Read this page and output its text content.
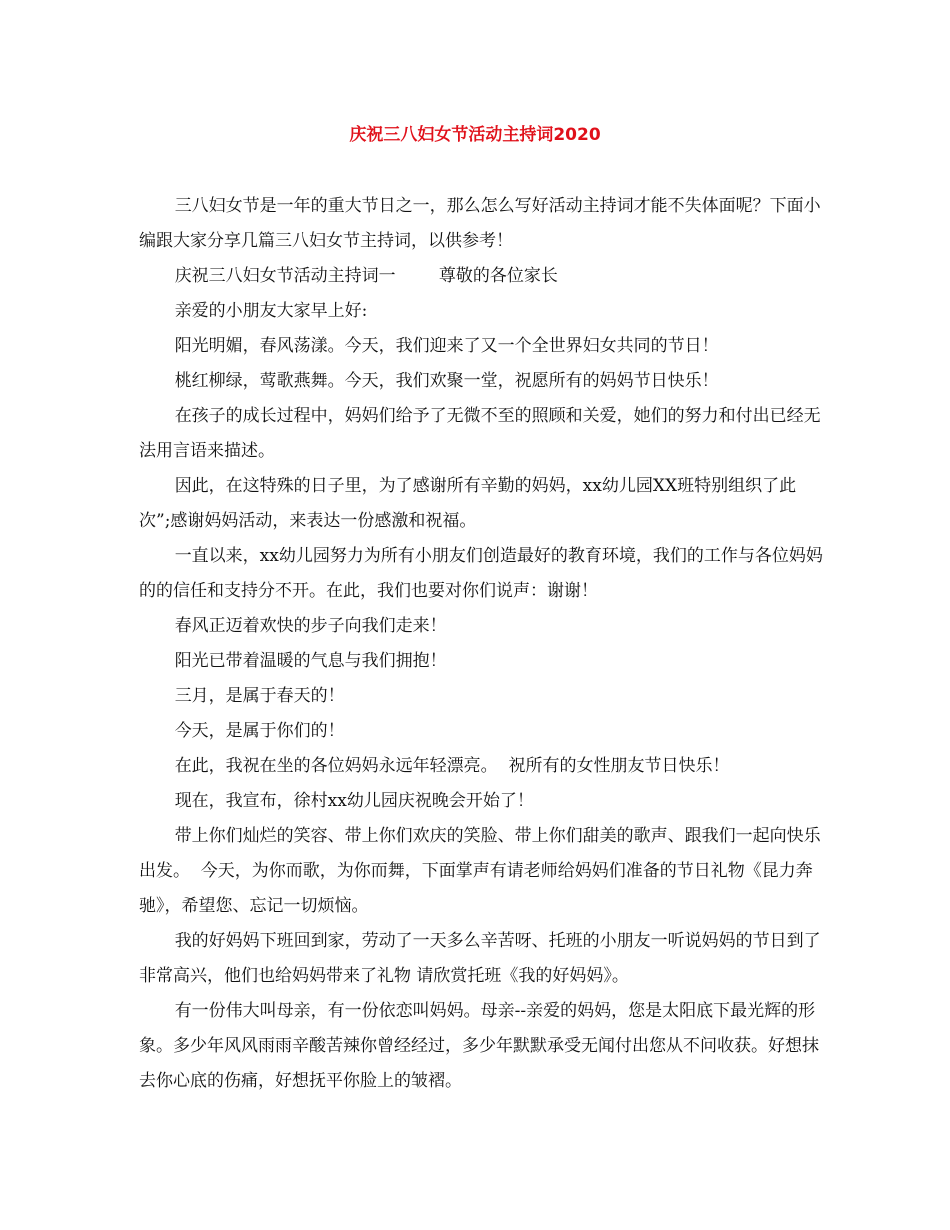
庆祝三八妇女节活动主持词2020

三八妇女节是一年的重大节日之一，那么怎么写好活动主持词才能不失体面呢？下面小编跟大家分享几篇三八妇女节主持词，以供参考！

庆祝三八妇女节活动主持词一        尊敬的各位家长

亲爱的小朋友大家早上好:

阳光明媚，春风荡漾。今天，我们迎来了又一个全世界妇女共同的节日！

桃红柳绿，莺歌燕舞。今天，我们欢聚一堂，祝愿所有的妈妈节日快乐！

在孩子的成长过程中，妈妈们给予了无微不至的照顾和关爱，她们的努力和付出已经无法用言语来描述。

因此，在这特殊的日子里，为了感谢所有辛勤的妈妈，xx幼儿园XX班特别组织了此次”;感谢妈妈活动，来表达一份感激和祝福。

一直以来，xx幼儿园努力为所有小朋友们创造最好的教育环境，我们的工作与各位妈妈的的信任和支持分不开。在此，我们也要对你们说声：谢谢！

春风正迈着欢快的步子向我们走来！

阳光已带着温暖的气息与我们拥抱！

三月，是属于春天的！

今天，是属于你们的！

在此，我祝在坐的各位妈妈永远年轻漂亮。  祝所有的女性朋友节日快乐！

现在，我宣布，徐村xx幼儿园庆祝晚会开始了！

带上你们灿烂的笑容、带上你们欢庆的笑脸、带上你们甜美的歌声、跟我们一起向快乐出发。  今天，为你而歌，为你而舞，下面掌声有请老师给妈妈们准备的节日礼物《昆力奔驰》，希望您、忘记一切烦恼。

我的好妈妈下班回到家，劳动了一天多么辛苦呀、托班的小朋友一听说妈妈的节日到了 非常高兴，他们也给妈妈带来了礼物 请欣赏托班《我的好妈妈》。

有一份伟大叫母亲，有一份依恋叫妈妈。母亲--亲爱的妈妈，您是太阳底下最光辉的形象。多少年风风雨雨辛酸苦辣你曾经经过，多少年默默承受无闻付出您从不问收获。好想抹去你心底的伤痛，好想抚平你脸上的皱褶。
